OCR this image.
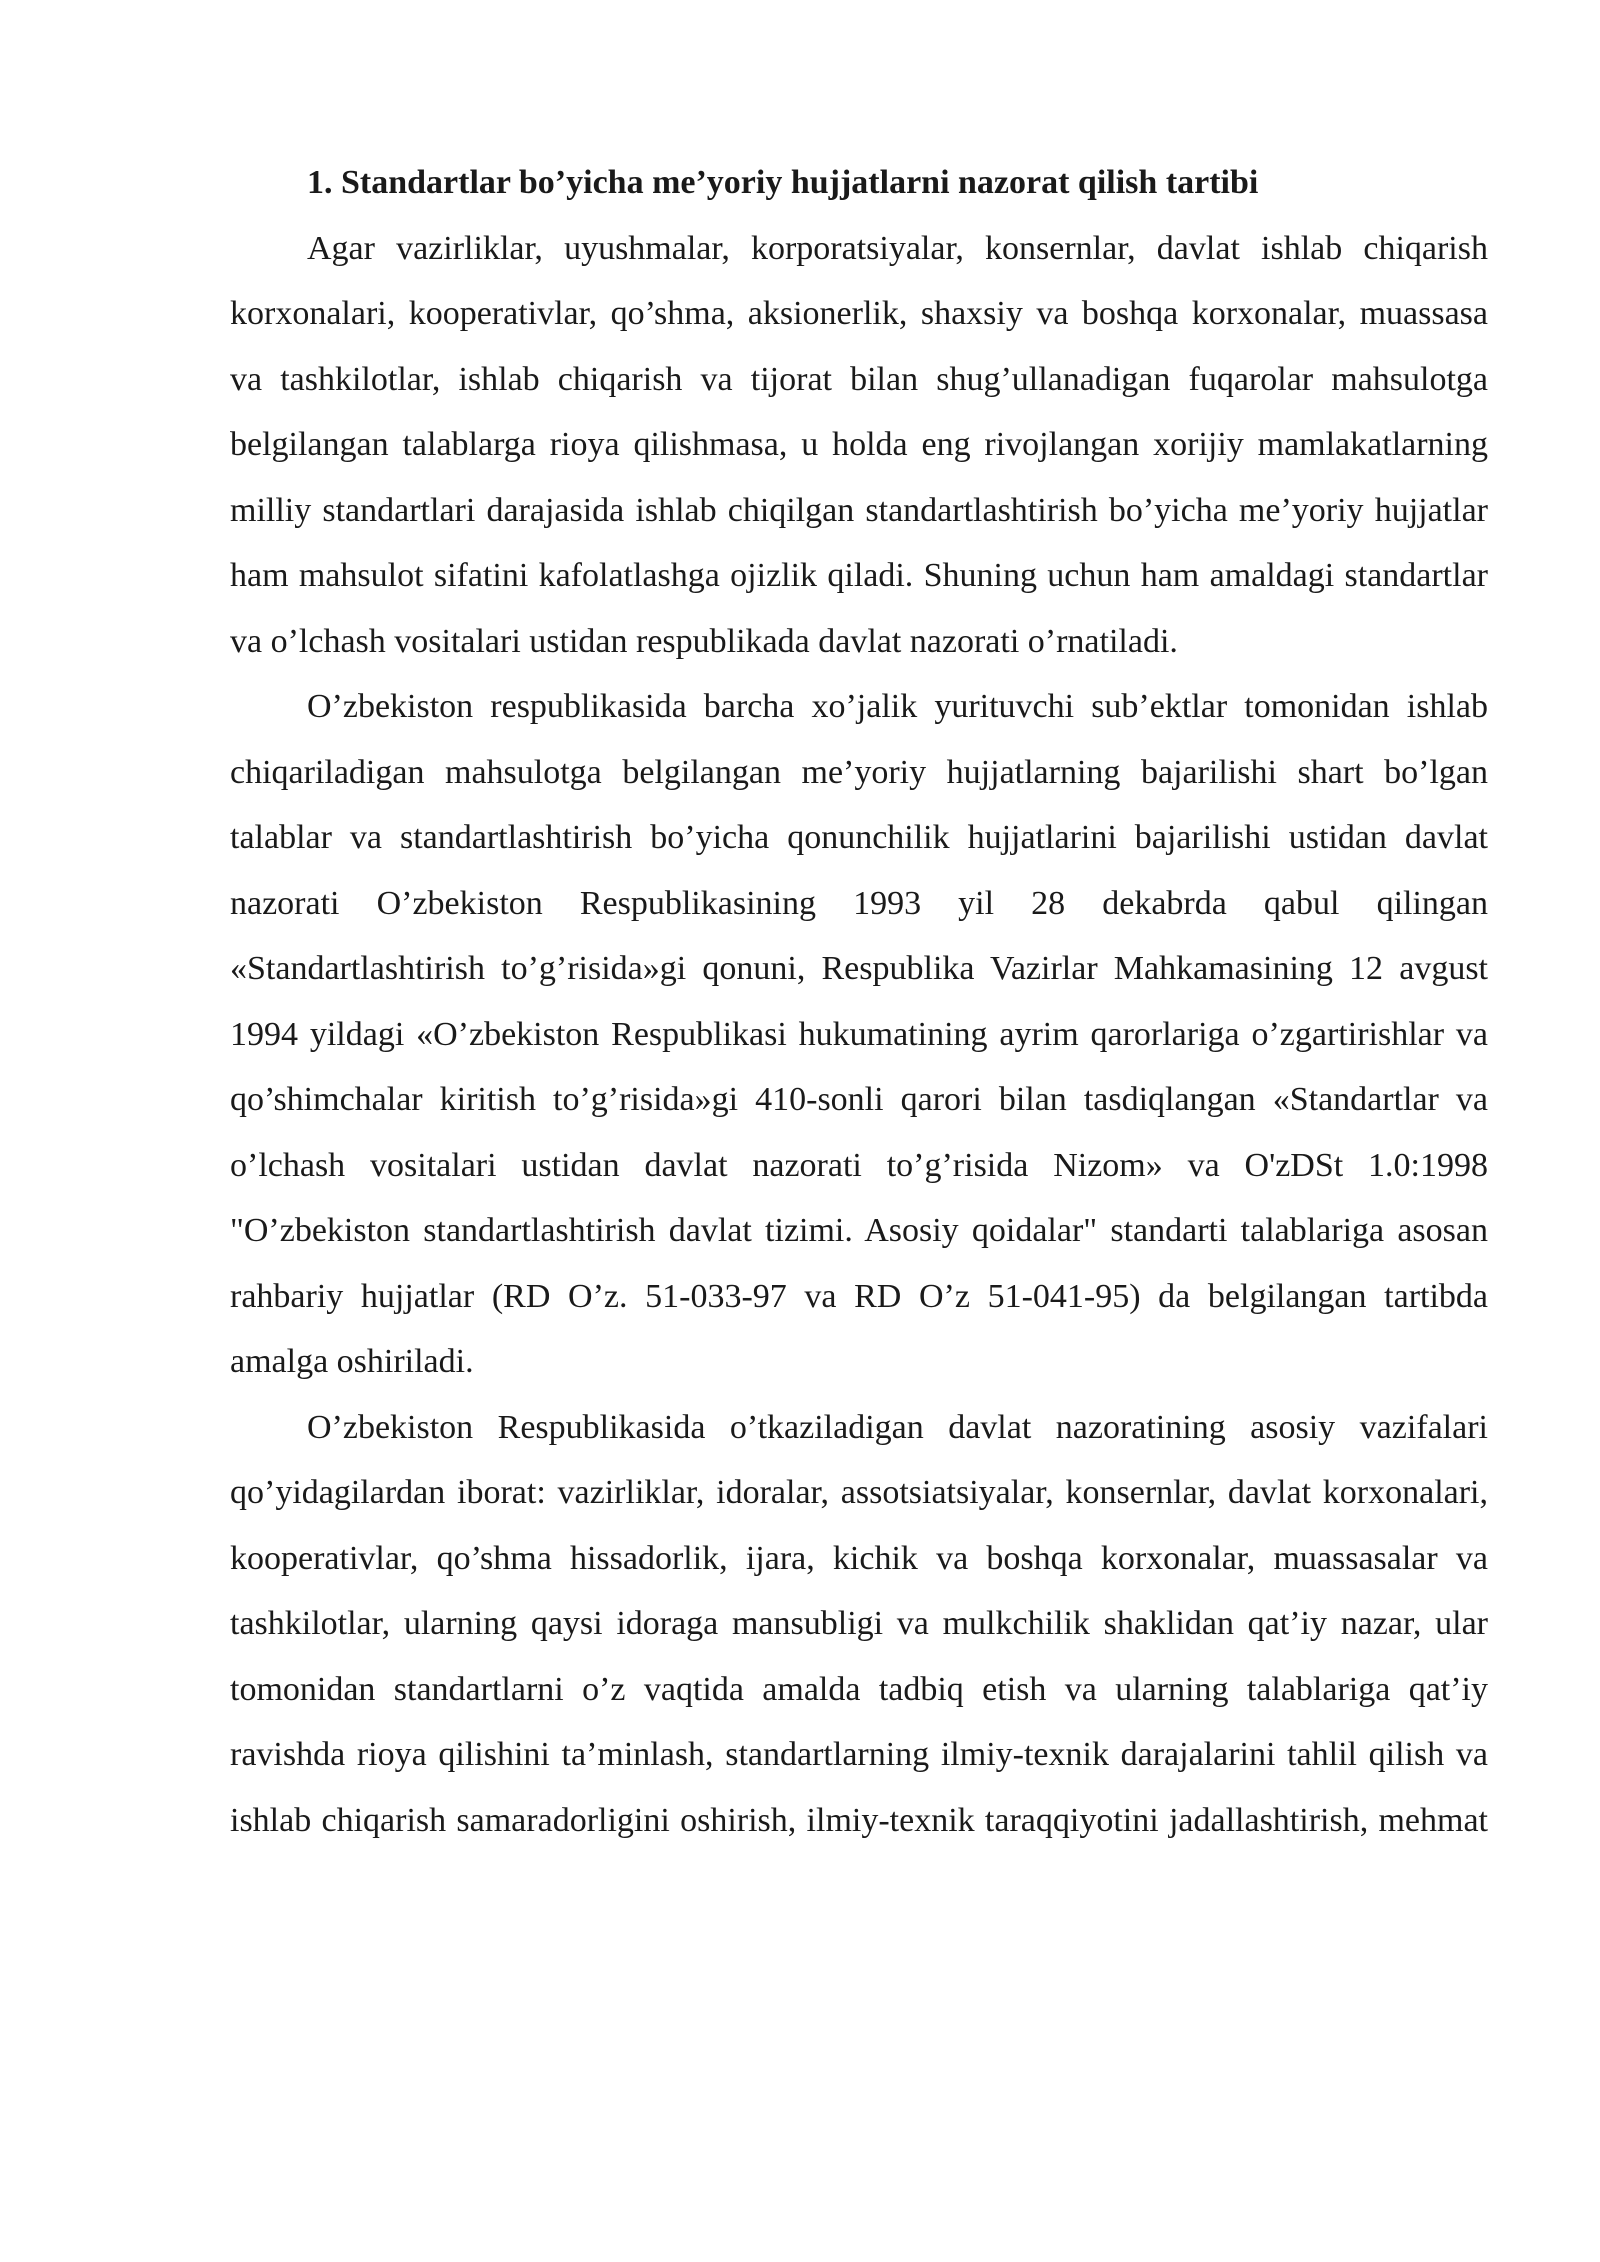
1. Standartlar bo’yicha me’yoriy hujjatlarni nazorat qilish tartibi

Agar vazirliklar, uyushmalar, korporatsiyalar, konsernlar, davlat ishlab chiqarish korxonalari, kooperativlar, qo’shma, aksionerlik, shaxsiy va boshqa korxonalar, muassasa va tashkilotlar, ishlab chiqarish va tijorat bilan shug’ullanadigan fuqarolar mahsulotga belgilangan talablarga rioya qilishmasa, u holda eng rivojlangan xorijiy mamlakatlarning milliy standartlari darajasida ishlab chiqilgan standartlashtirish bo’yicha me’yoriy hujjatlar ham mahsulot sifatini kafolatlashga ojizlik qiladi. Shuning uchun ham amaldagi standartlar va o’lchash vositalari ustidan respublikada davlat nazorati o’rnatiladi.

O’zbekiston respublikasida barcha xo’jalik yurituvchi sub’ektlar tomonidan ishlab chiqariladigan mahsulotga belgilangan me’yoriy hujjatlarning bajarilishi shart bo’lgan talablar va standartlashtirish bo’yicha qonunchilik hujjatlarini bajarilishi ustidan davlat nazorati O’zbekiston Respublikasining 1993 yil 28 dekabrda qabul qilingan «Standartlashtirish to’g’risida»gi qonuni, Respublika Vazirlar Mahkamasining 12 avgust 1994 yildagi «O’zbekiston Respublikasi hukumatining ayrim qarorlariga o’zgartirishlar va qo’shimchalar kiritish to’g’risida»gi 410-sonli qarori bilan tasdiqlangan «Standartlar va o’lchash vositalari ustidan davlat nazorati to’g’risida Nizom» va O'zDSt 1.0:1998 "O’zbekiston standartlashtirish davlat tizimi. Asosiy qoidalar" standarti talablariga asosan rahbariy hujjatlar (RD O’z. 51-033-97 va RD O’z 51-041-95) da belgilangan tartibda amalga oshiriladi.

O’zbekiston Respublikasida o’tkaziladigan davlat nazoratining asosiy vazifalari qo’yidagilardan iborat: vazirliklar, idoralar, assotsiatsiyalar, konsernlar, davlat korxonalari, kooperativlar, qo’shma hissadorlik, ijara, kichik va boshqa korxonalar, muassasalar va tashkilotlar, ularning qaysi idoraga mansubligi va mulkchilik shaklidan qat’iy nazar, ular tomonidan standartlarni o’z vaqtida amalda tadbiq etish va ularning talablariga qat’iy ravishda rioya qilishini ta’minlash, standartlarning ilmiy-texnik darajalarini tahlil qilish va ishlab chiqarish samaradorligini oshirish, ilmiy-texnik taraqqiyotini jadallashtirish, mehmat
